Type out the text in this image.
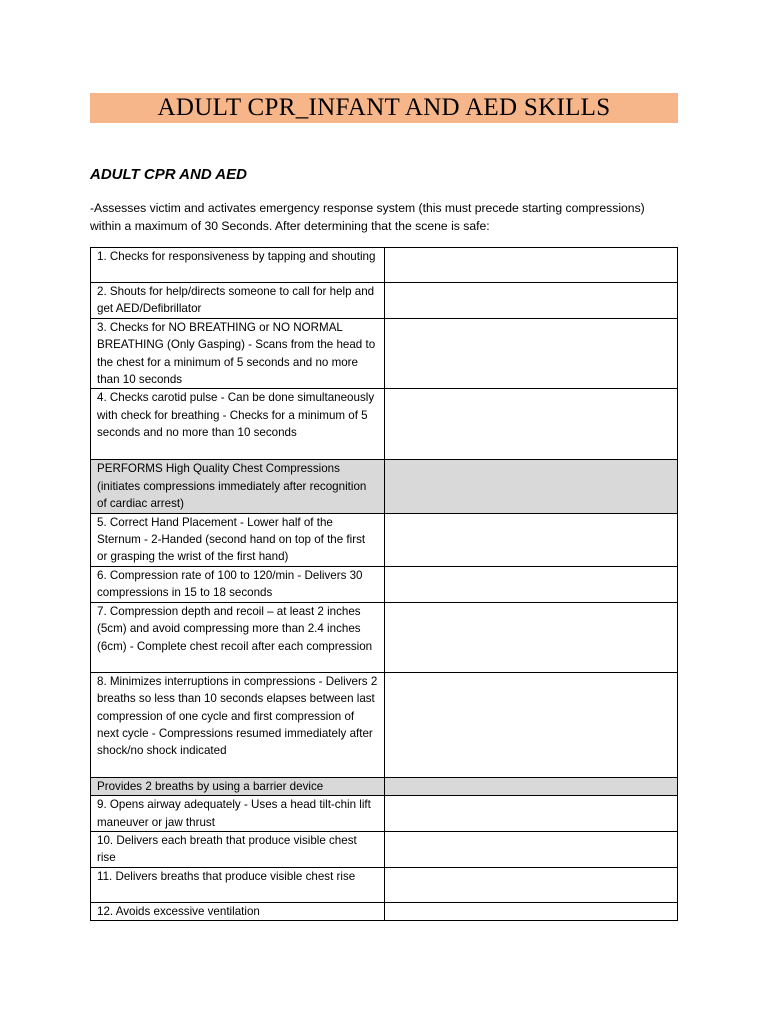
ADULT CPR_INFANT AND AED SKILLS
ADULT CPR AND AED
-Assesses victim and activates emergency response system (this must precede starting compressions)
within a maximum of 30 Seconds. After determining that the scene is safe:
1. Checks for responsiveness by tapping and shouting	
2. Shouts for help/directs someone to call for help and get AED/Defibrillator	
3. Checks for NO BREATHING or NO NORMAL BREATHING (Only Gasping) - Scans from the head to the chest for a minimum of 5 seconds and no more than 10 seconds	
4. Checks carotid pulse - Can be done simultaneously with check for breathing - Checks for a minimum of 5 seconds and no more than 10 seconds	
PERFORMS High Quality Chest Compressions (initiates compressions immediately after recognition of cardiac arrest)	
5. Correct Hand Placement - Lower half of the Sternum - 2-Handed (second hand on top of the first or grasping the wrist of the first hand)	
6. Compression rate of 100 to 120/min - Delivers 30 compressions in 15 to 18 seconds	
7. Compression depth and recoil – at least 2 inches (5cm) and avoid compressing more than 2.4 inches (6cm) - Complete chest recoil after each compression	
8. Minimizes interruptions in compressions - Delivers 2 breaths so less than 10 seconds elapses between last compression of one cycle and first compression of next cycle - Compressions resumed immediately after shock/no shock indicated	
Provides 2 breaths by using a barrier device	
9. Opens airway adequately - Uses a head tilt-chin lift maneuver or jaw thrust	
10. Delivers each breath that produce visible chest rise	
11. Delivers breaths that produce visible chest rise	
12. Avoids excessive ventilation	
